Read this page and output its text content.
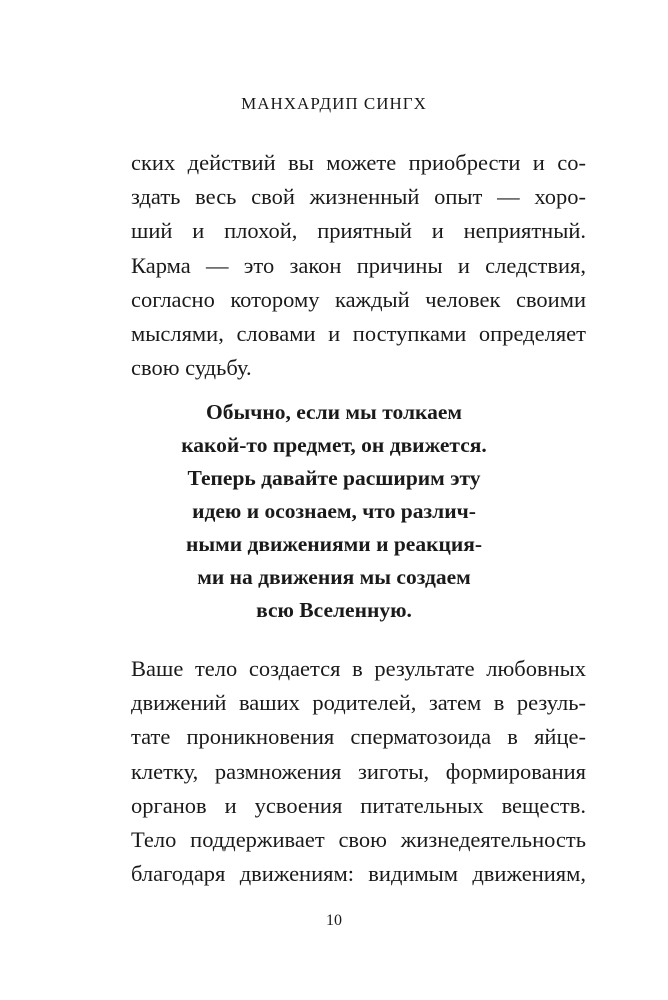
МАНХАРДИП СИНГХ

ских действий вы можете приобрести и со-
здать весь свой жизненный опыт — хоро-
ший и плохой, приятный и неприятный.
Карма — это закон причины и следствия,
согласно которому каждый человек своими
мыслями, словами и поступками определяет
свою судьбу.

Обычно, если мы толкаем
какой-то предмет, он движется.
Теперь давайте расширим эту
идею и осознаем, что различ-
ными движениями и реакция-
ми на движения мы создаем
всю Вселенную.

Ваше тело создается в результате любовных
движений ваших родителей, затем в резуль-
тате проникновения сперматозоида в яйце-
клетку, размножения зиготы, формирования
органов и усвоения питательных веществ.
Тело поддерживает свою жизнедеятельность
благодаря движениям: видимым движениям,

10
